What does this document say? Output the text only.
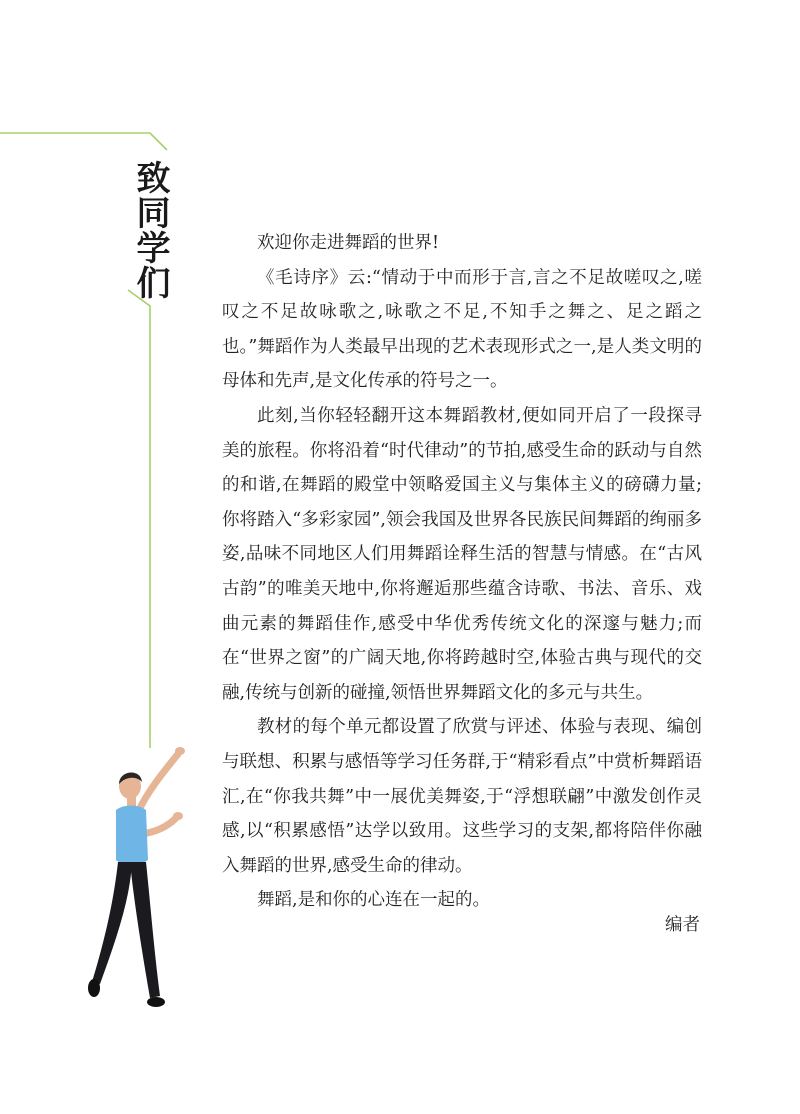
致同学们	欢迎你走进舞蹈的世界!

《毛诗序》云:“情动于中而形于言,言之不足故嗟叹之,嗟叹之不足故咏歌之,咏歌之不足,不知手之舞之、足之蹈之也。”舞蹈作为人类最早出现的艺术表现形式之一,是人类文明的母体和先声,是文化传承的符号之一。

此刻,当你轻轻翻开这本舞蹈教材,便如同开启了一段探寻美的旅程。你将沿着“时代律动”的节拍,感受生命的跃动与自然的和谐,在舞蹈的殿堂中领略爱国主义与集体主义的磅礴力量;你将踏入“多彩家园”,领会我国及世界各民族民间舞蹈的绚丽多姿,品味不同地区人们用舞蹈诠释生活的智慧与情感。在“古风古韵”的唯美天地中,你将邂逅那些蕴含诗歌、书法、音乐、戏曲元素的舞蹈佳作,感受中华优秀传统文化的深邃与魅力;而在“世界之窗”的广阔天地,你将跨越时空,体验古典与现代的交融,传统与创新的碰撞,领悟世界舞蹈文化的多元与共生。

教材的每个单元都设置了欣赏与评述、体验与表现、编创与联想、积累与感悟等学习任务群,于“精彩看点”中赏析舞蹈语汇,在“你我共舞”中一展优美舞姿,于“浮想联翩”中激发创作灵感,以“积累感悟”达学以致用。这些学习的支架,都将陪伴你融入舞蹈的世界,感受生命的律动。

舞蹈,是和你的心连在一起的。

编者
